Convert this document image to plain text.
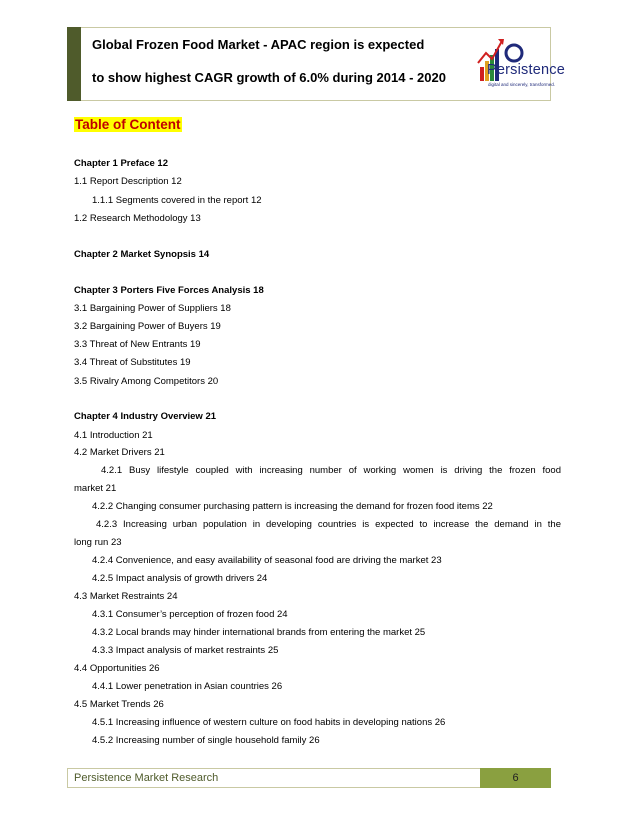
Global Frozen Food Market - APAC region is expected
to show highest CAGR growth of 6.0% during 2014 - 2020	Persistence
digital and sincerely, transformed.
Table of Content
Chapter 1 Preface 12
1.1 Report Description 12
1.1.1 Segments covered in the report 12
1.2 Research Methodology 13
Chapter 2 Market Synopsis 14
Chapter 3 Porters Five Forces Analysis 18
3.1 Bargaining Power of Suppliers 18
3.2 Bargaining Power of Buyers 19
3.3 Threat of New Entrants 19
3.4 Threat of Substitutes 19
3.5 Rivalry Among Competitors 20
Chapter 4 Industry Overview 21
4.1 Introduction 21
4.2 Market Drivers 21
4.2.1 Busy lifestyle coupled with increasing number of working women is driving the frozen food
market 21
4.2.2 Changing consumer purchasing pattern is increasing the demand for frozen food items 22
4.2.3 Increasing urban population in developing countries is expected to increase the demand in the
long run 23
4.2.4 Convenience, and easy availability of seasonal food are driving the market 23
4.2.5 Impact analysis of growth drivers 24
4.3 Market Restraints 24
4.3.1 Consumer’s perception of frozen food 24
4.3.2 Local brands may hinder international brands from entering the market 25
4.3.3 Impact analysis of market restraints 25
4.4 Opportunities 26
4.4.1 Lower penetration in Asian countries 26
4.5 Market Trends 26
4.5.1 Increasing influence of western culture on food habits in developing nations 26
4.5.2 Increasing number of single household family 26
Persistence Market Research	6
